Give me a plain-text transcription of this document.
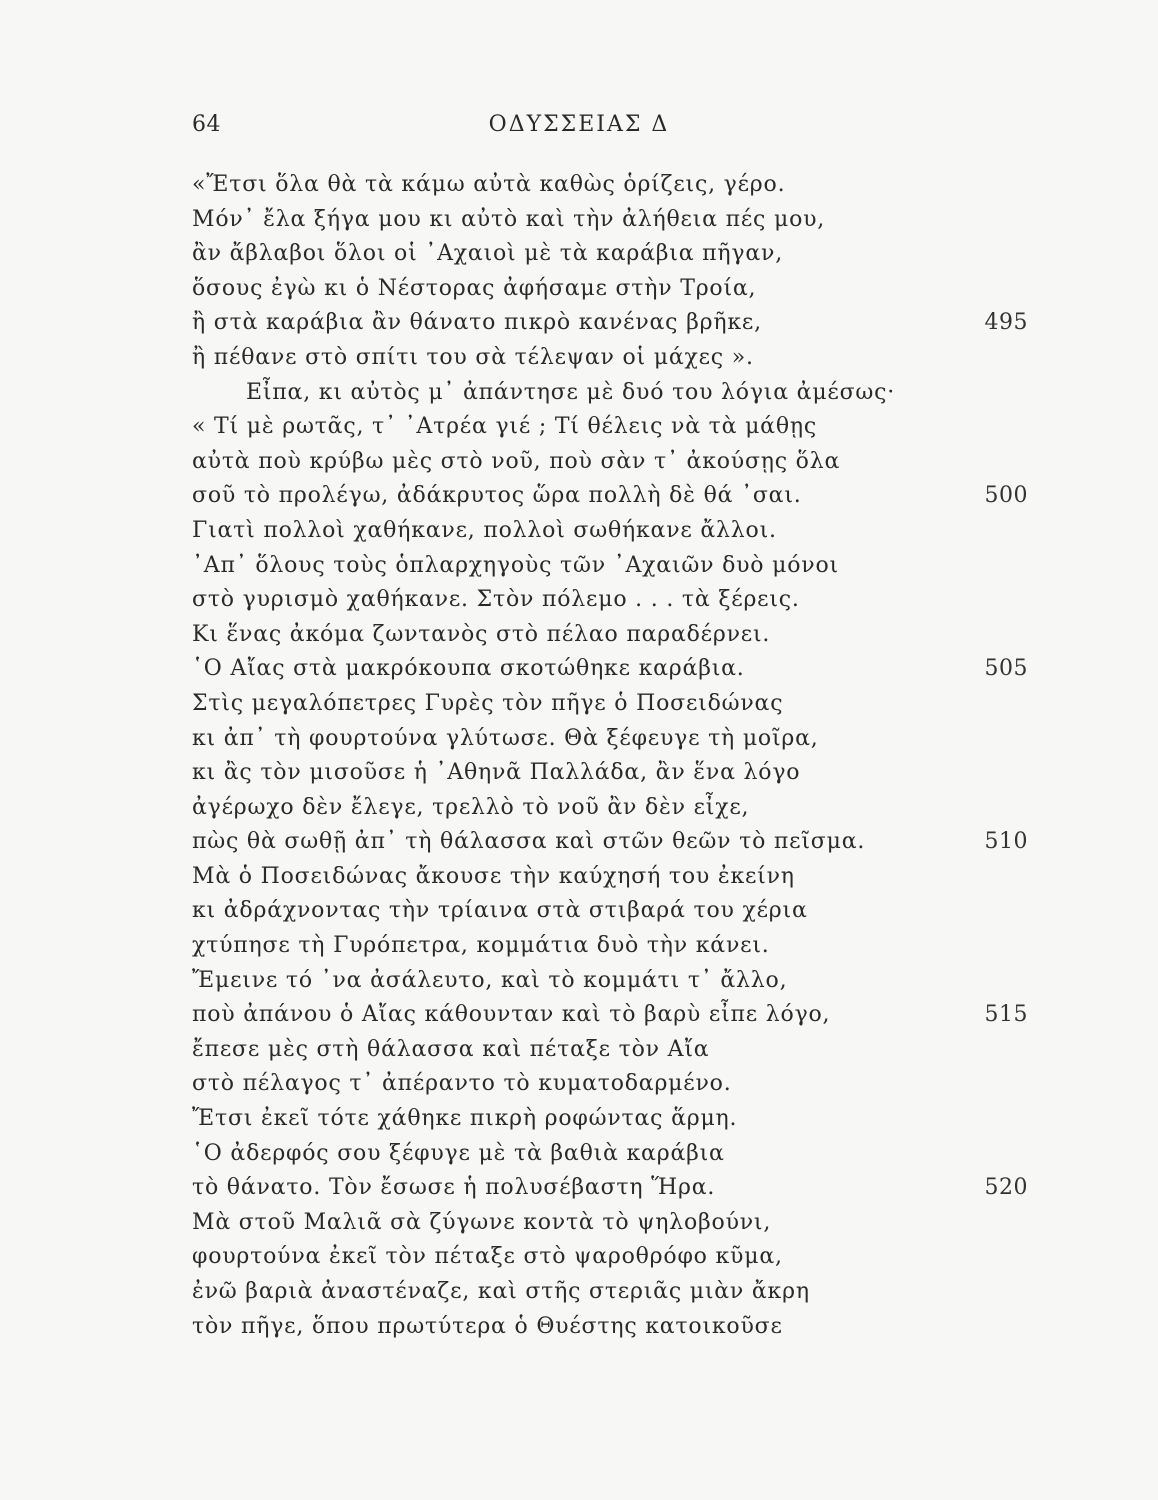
64	ΟΔΥΣΣΕΙΑΣ Δ
«Ἔτσι ὅλα θὰ τὰ κάμω αὐτὰ καθὼς ὁρίζεις, γέρο.
Μόν᾽ ἔλα ξήγα μου κι αὐτὸ καὶ τὴν ἀλήθεια πές μου,
ἂν ἄβλαβοι ὅλοι οἱ ᾽Αχαιοὶ μὲ τὰ καράβια πῆγαν,
ὅσους ἐγὼ κι ὁ Νέστορας ἀφήσαμε στὴν Τροία,
ἢ στὰ καράβια ἂν θάνατο πικρὸ κανένας βρῆκε,	495
ἢ πέθανε στὸ σπίτι του σὰ τέλεψαν οἱ μάχες ».
Εἶπα, κι αὐτὸς μ᾽ ἀπάντησε μὲ δυό του λόγια ἀμέσως·
« Τί μὲ ρωτᾶς, τ᾽ ᾽Ατρέα γιέ ; Τί θέλεις νὰ τὰ μάθῃς
αὐτὰ ποὺ κρύβω μὲς στὸ νοῦ, ποὺ σὰν τ᾽ ἀκούσῃς ὅλα
σοῦ τὸ προλέγω, ἀδάκρυτος ὥρα πολλὴ δὲ θά ᾽σαι.	500
Γιατὶ πολλοὶ χαθήκανε, πολλοὶ σωθήκανε ἄλλοι.
᾽Απ᾽ ὅλους τοὺς ὁπλαρχηγοὺς τῶν ᾽Αχαιῶν δυὸ μόνοι
στὸ γυρισμὸ χαθήκανε. Στὸν πόλεμο . . . τὰ ξέρεις.
Κι ἕνας ἀκόμα ζωντανὸς στὸ πέλαο παραδέρνει.
῾Ο Αἴας στὰ μακρόκουπα σκοτώθηκε καράβια.	505
Στὶς μεγαλόπετρες Γυρὲς τὸν πῆγε ὁ Ποσειδώνας
κι ἀπ᾽ τὴ φουρτούνα γλύτωσε. Θὰ ξέφευγε τὴ μοῖρα,
κι ἂς τὸν μισοῦσε ἡ ᾽Αθηνᾶ Παλλάδα, ἂν ἕνα λόγο
ἀγέρωχο δὲν ἔλεγε, τρελλὸ τὸ νοῦ ἂν δὲν εἶχε,
πὼς θὰ σωθῇ ἀπ᾽ τὴ θάλασσα καὶ στῶν θεῶν τὸ πεῖσμα.	510
Μὰ ὁ Ποσειδώνας ἄκουσε τὴν καύχησή του ἐκείνη
κι ἀδράχνοντας τὴν τρίαινα στὰ στιβαρά του χέρια
χτύπησε τὴ Γυρόπετρα, κομμάτια δυὸ τὴν κάνει.
Ἔμεινε τό ᾽να ἀσάλευτο, καὶ τὸ κομμάτι τ᾽ ἄλλο,
ποὺ ἀπάνου ὁ Αἴας κάθουνταν καὶ τὸ βαρὺ εἶπε λόγο,	515
ἔπεσε μὲς στὴ θάλασσα καὶ πέταξε τὸν Αἴα
στὸ πέλαγος τ᾽ ἀπέραντο τὸ κυματοδαρμένο.
Ἔτσι ἐκεῖ τότε χάθηκε πικρὴ ροφώντας ἅρμη.
῾Ο ἀδερφός σου ξέφυγε μὲ τὰ βαθιὰ καράβια
τὸ θάνατο. Τὸν ἔσωσε ἡ πολυσέβαστη Ἥρα.	520
Μὰ στοῦ Μαλιᾶ σὰ ζύγωνε κοντὰ τὸ ψηλοβούνι,
φουρτούνα ἐκεῖ τὸν πέταξε στὸ ψαροθρόφο κῦμα,
ἐνῶ βαριὰ ἀναστέναζε, καὶ στῆς στεριᾶς μιὰν ἄκρη
τὸν πῆγε, ὅπου πρωτύτερα ὁ Θυέστης κατοικοῦσε
